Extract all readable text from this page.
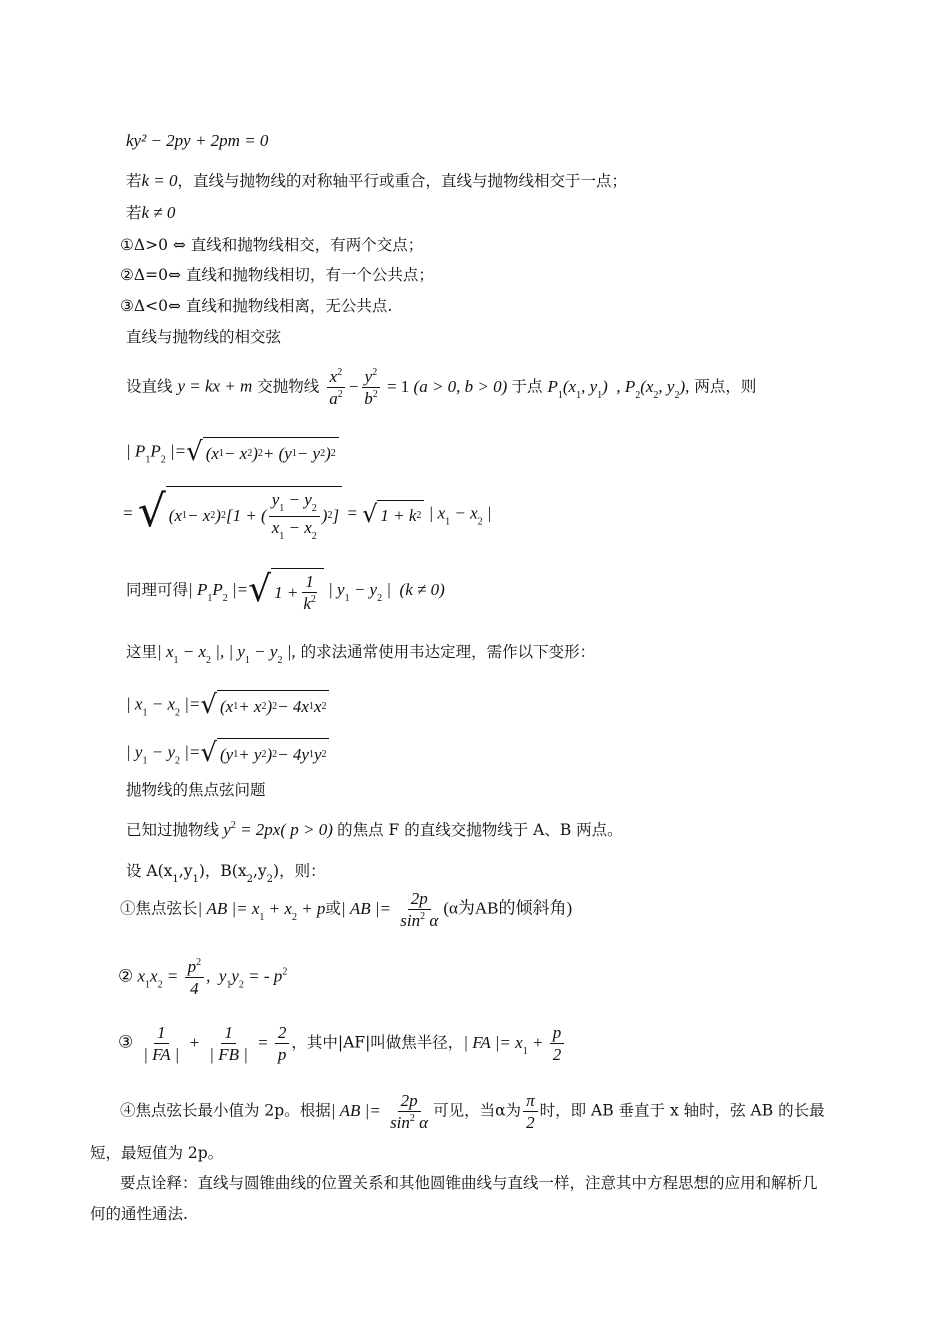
ky² − 2py + 2pm = 0
若k = 0，直线与抛物线的对称轴平行或重合，直线与抛物线相交于一点；
若k ≠ 0
①Δ>0 ⇔ 直线和抛物线相交，有两个交点；
②Δ=0⇔ 直线和抛物线相切，有一个公共点；
③Δ<0⇔ 直线和抛物线相离，无公共点.
直线与抛物线的相交弦
设直线 y = kx + m 交抛物线 $\frac{x^2}{a^2} - \frac{y^2}{b^2} = 1$ (a > 0, b > 0) 于点 $P_1(x_1$, $y_1$)  , $P_2(x_2$, $y_2$), 两点，则
| $P_1P_2$ |= √ (x 1 − x 2 ) 2 + (y 1 − y 2 ) 2
= √ (x 1 − x 2 ) 2 [1 + ( $\frac{y_1 - y_2}{x_1 - x_2}$ ) 2 ] = √ 1 + k 2 | $x_1 - x_2$ |
同理可得| $P_1P_2$ |= √ $1 + \frac{1}{k^2}$ | $y_1 - y_2$ |  (k ≠ 0)
这里| $x_1 - x_2$ |, | $y_1 - y_2$ |, 的求法通常使用韦达定理，需作以下变形：
| $x_1 - x_2$ |= √ (x 1 + x 2 ) 2 − 4x 1 x 2
| $y_1 - y_2$ |= √ (y 1 + y 2 ) 2 − 4y 1 y 2
抛物线的焦点弦问题
已知过抛物线 $y^2 = 2px$( p > 0) 的焦点 F 的直线交抛物线于 A、B 两点。
设 $A(x_1,y_1)$，$B(x_2,y_2)$，则：
①焦点弦长| AB |= $x_1 + x_2 + p$或| AB |= $\frac{2p}{\sin^2 \alpha} (\alpha$为AB的倾斜角)
② $x_1x_2 = \frac{p^2}{4}$ ,  $y_1y_2$ = - $p^2$
③ $\frac{1}{| FA |} + \frac{1}{| FB |} = \frac{2}{p}$ ，其中|AF|叫做焦半径，| FA |= $x_1 + \frac{p}{2}$
④焦点弦长最小值为 2p。根据| AB |= $\frac{2p}{\sin^2 \alpha}$ 可见，当α为 $\frac{\pi}{2}$ 时，即 AB 垂直于 x 轴时，弦 AB 的长最
短，最短值为 2p。
要点诠释：直线与圆锥曲线的位置关系和其他圆锥曲线与直线一样，注意其中方程思想的应用和解析几
何的通性通法.
